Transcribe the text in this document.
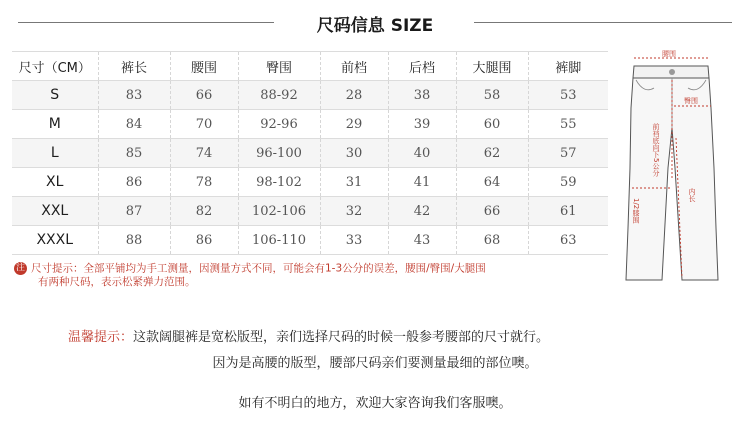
尺码信息 SIZE
尺寸（CM）	裤长	腰围	臀围	前档	后档	大腿围	裤脚
S	83	66	88-92	28	38	58	53
M	84	70	92-96	29	39	60	55
L	85	74	96-100	30	40	62	57
XL	86	78	98-102	31	41	64	59
XXL	87	82	102-106	32	42	66	61
XXXL	88	86	106-110	33	43	68	63
注 尺寸提示：全部平铺均为手工测量，因测量方式不同，可能会有1-3公分的误差，腰围/臀围/大腿围
有两种尺码，表示松紧弹力范围。
腰围
臀围
前裆底向下5公分
1/2膝围
内长
温馨提示：这款阔腿裤是宽松版型，亲们选择尺码的时候一般参考腰部的尺寸就行。
因为是高腰的版型，腰部尺码亲们要测量最细的部位噢。
如有不明白的地方，欢迎大家咨询我们客服噢。
